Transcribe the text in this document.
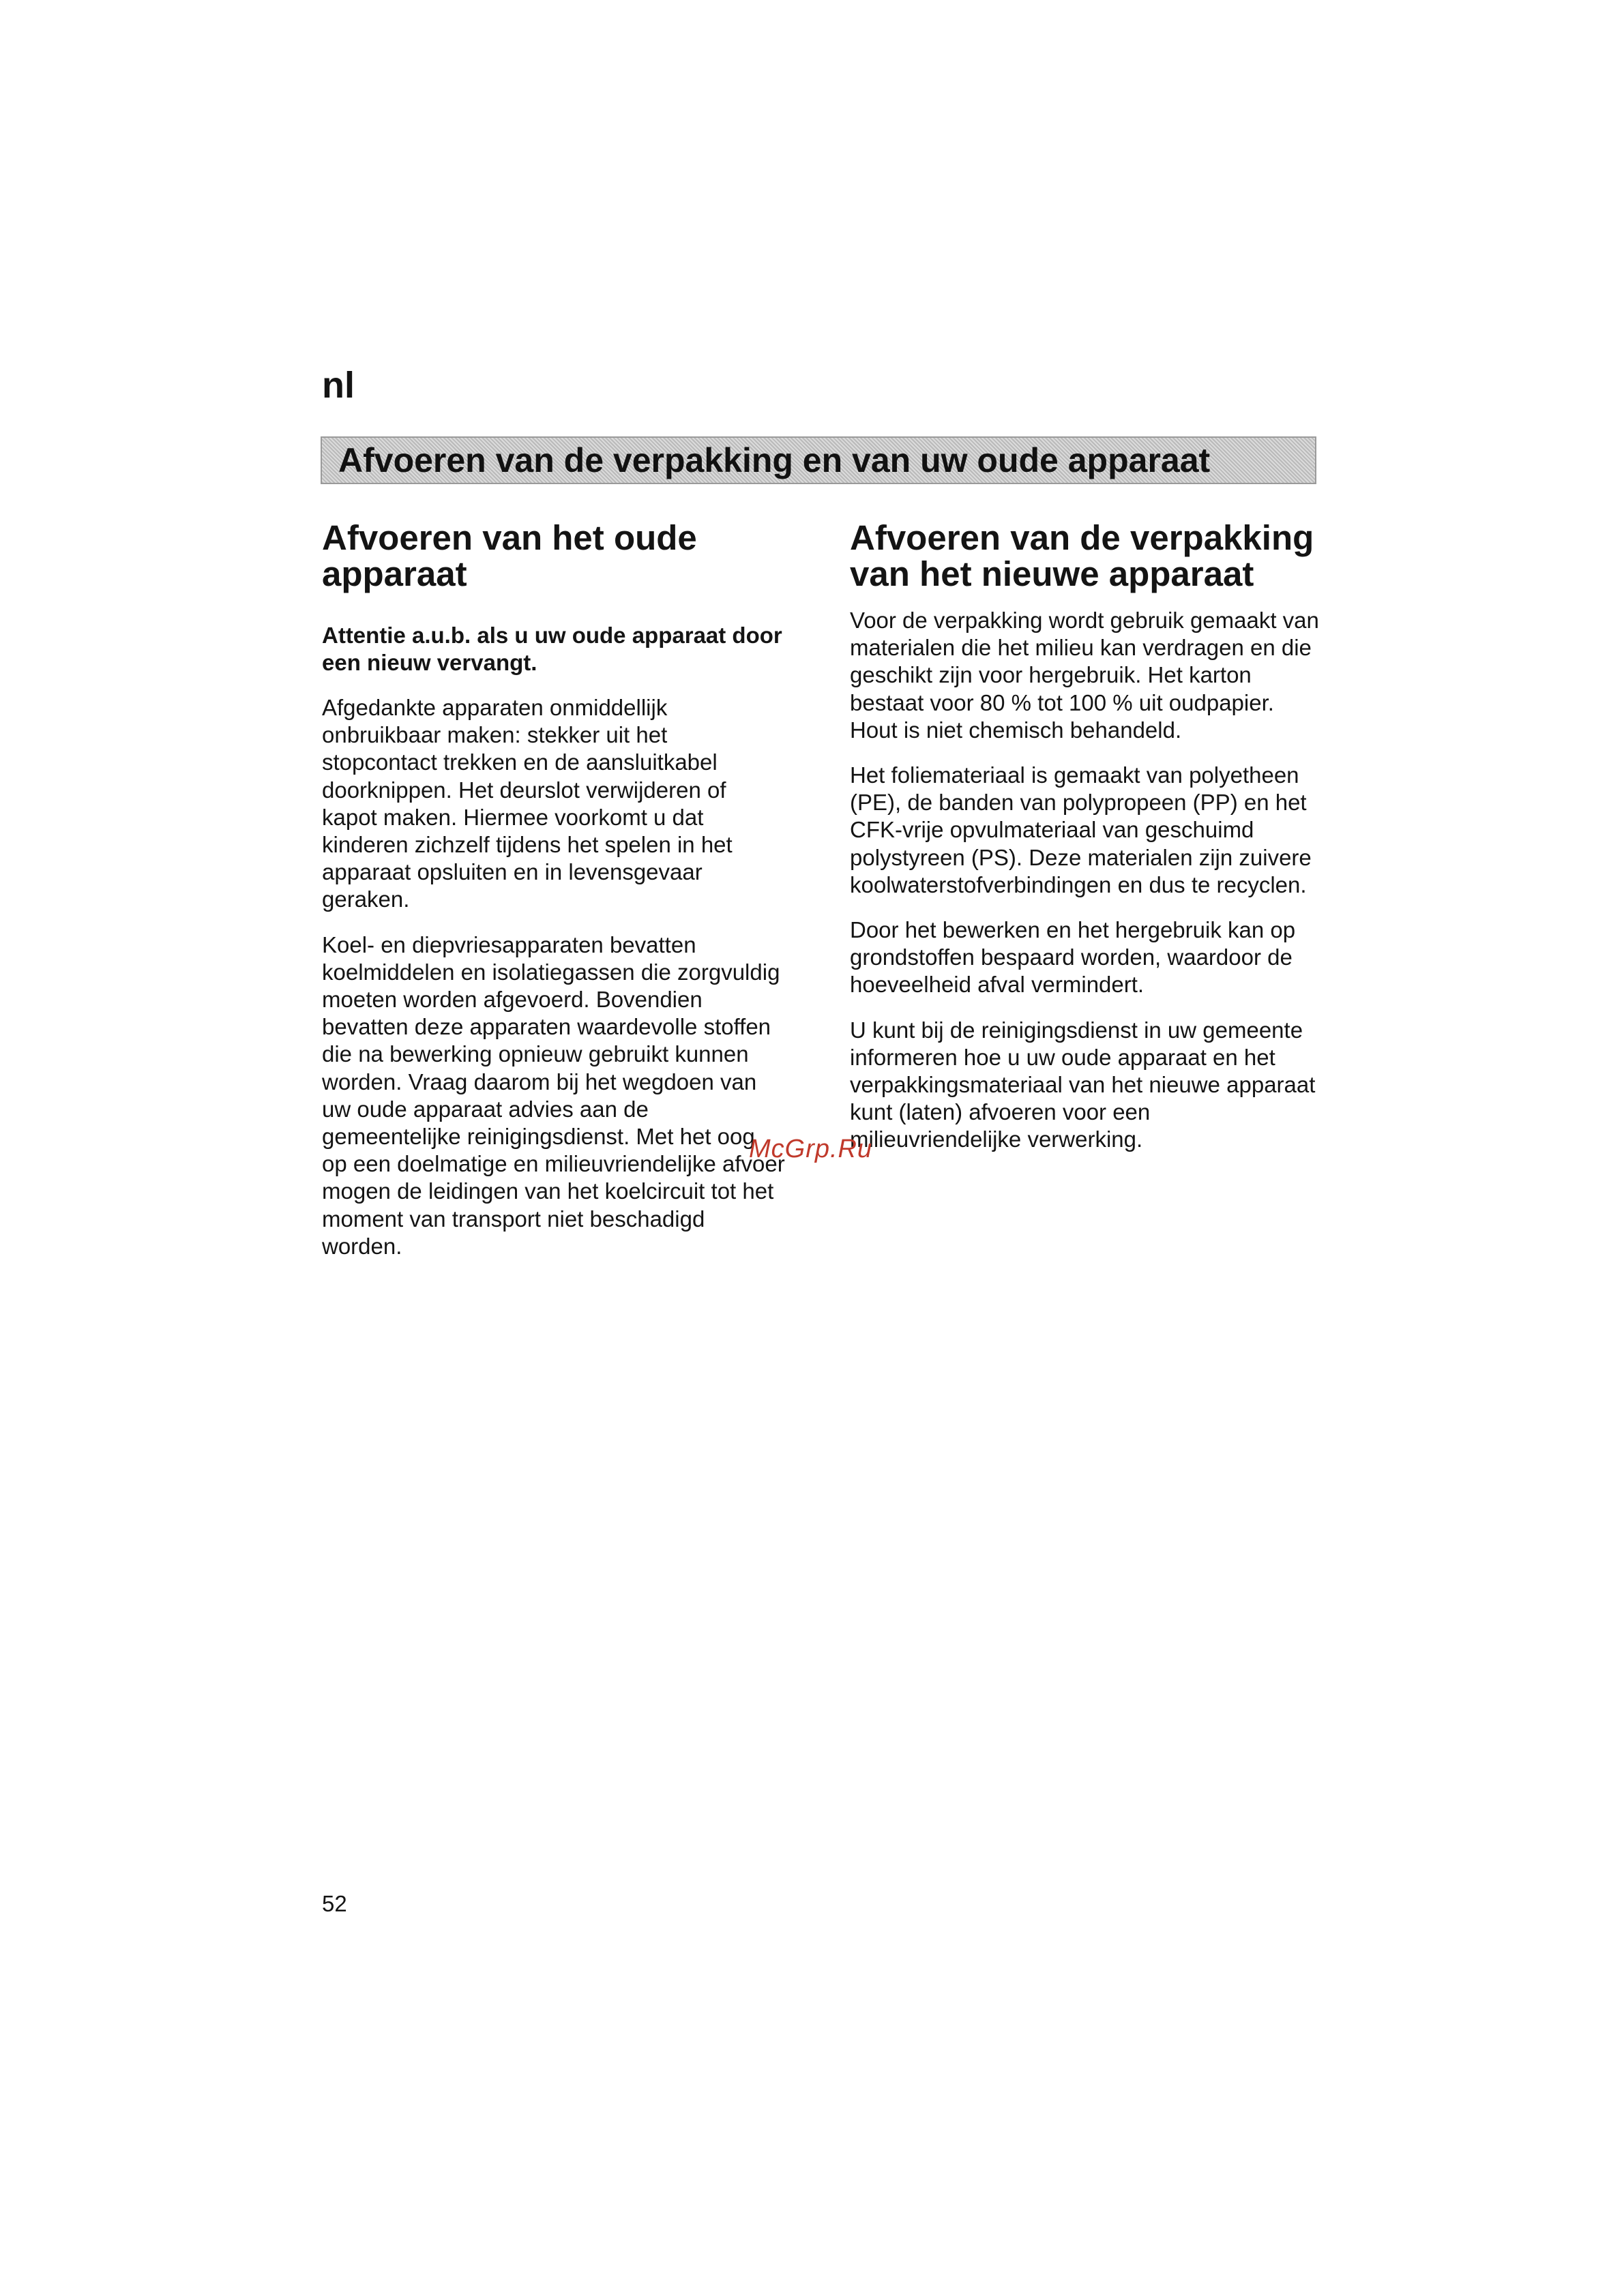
nl
Afvoeren van de verpakking en van uw oude apparaat
Afvoeren van het oude apparaat

Attentie a.u.b. als u uw oude apparaat door een nieuw vervangt.

Afgedankte apparaten onmiddellijk onbruikbaar maken: stekker uit het stopcontact trekken en de aansluitkabel doorknippen. Het deurslot verwijderen of kapot maken. Hiermee voorkomt u dat kinderen zichzelf tijdens het spelen in het apparaat opsluiten en in levensgevaar geraken.

Koel- en diepvriesapparaten bevatten koelmiddelen en isolatiegassen die zorgvuldig moeten worden afgevoerd. Bovendien bevatten deze apparaten waardevolle stoffen die na bewerking opnieuw gebruikt kunnen worden. Vraag daarom bij het wegdoen van uw oude apparaat advies aan de gemeentelijke reinigingsdienst. Met het oog op een doelmatige en milieuvriendelijke afvoer mogen de leidingen van het koelcircuit tot het moment van transport niet beschadigd worden.

Afvoeren van de verpakking van het nieuwe apparaat

Voor de verpakking wordt gebruik gemaakt van materialen die het milieu kan verdragen en die geschikt zijn voor hergebruik. Het karton bestaat voor 80 % tot 100 % uit oudpapier. Hout is niet chemisch behandeld.

Het foliemateriaal is gemaakt van polyetheen (PE), de banden van polypropeen (PP) en het CFK-vrije opvulmateriaal van geschuimd polystyreen (PS). Deze materialen zijn zuivere koolwaterstofverbindingen en dus te recyclen.

Door het bewerken en het hergebruik kan op grondstoffen bespaard worden, waardoor de hoeveelheid afval vermindert.

U kunt bij de reinigingsdienst in uw gemeente informeren hoe u uw oude apparaat en het verpakkingsmateriaal van het nieuwe apparaat kunt (laten) afvoeren voor een milieuvriendelijke verwerking.

McGrp.Ru
52
